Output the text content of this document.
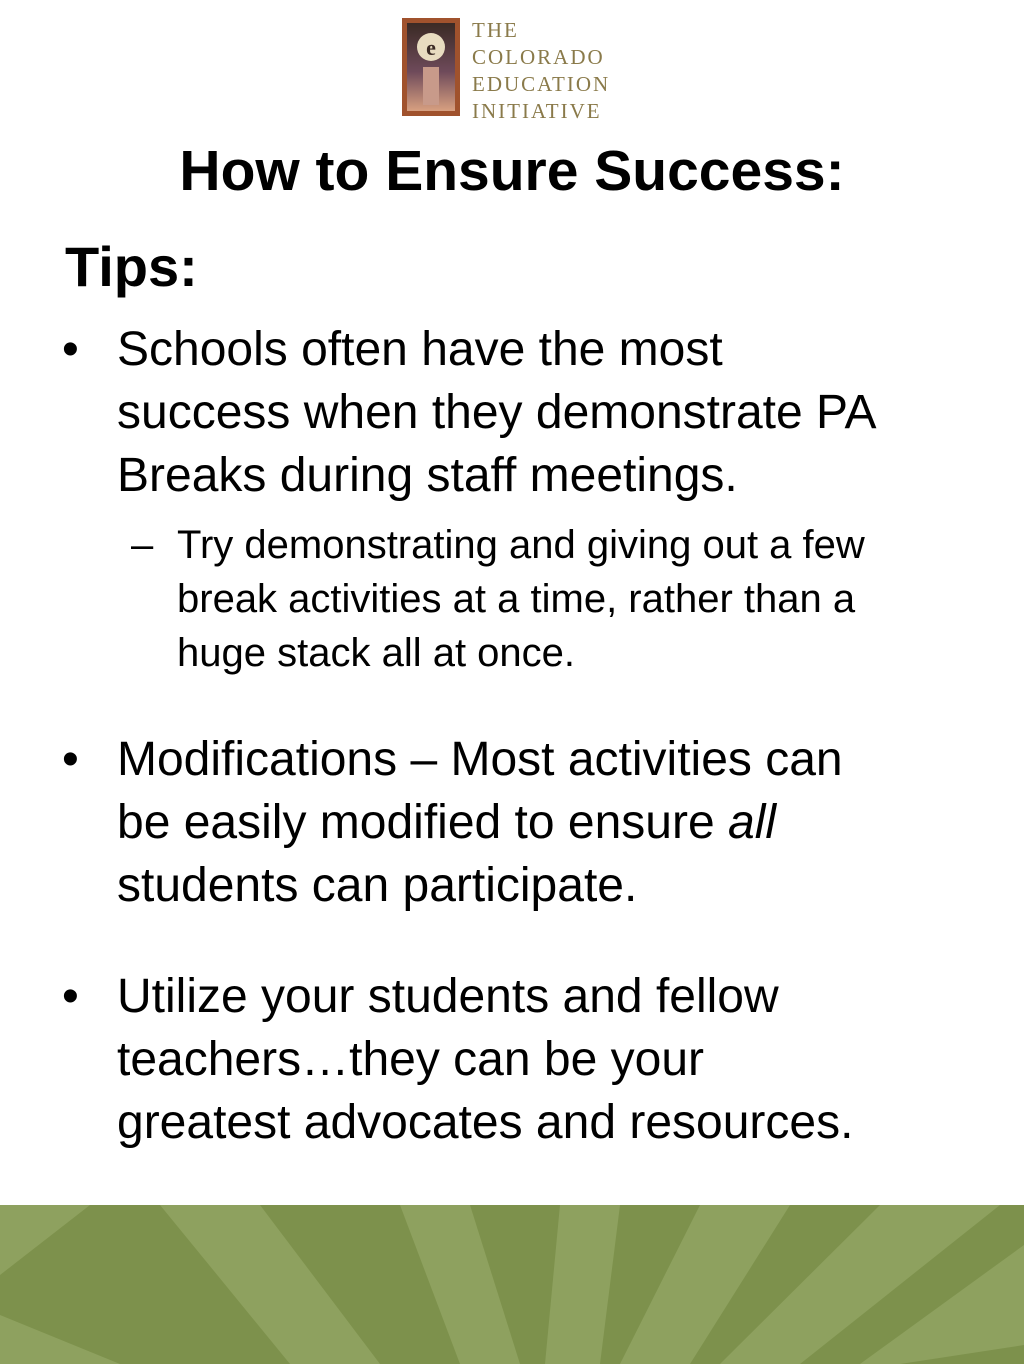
e
THE
COLORADO
EDUCATION
INITIATIVE
How to Ensure Success:
Tips:
• Schools often have the most
success when they demonstrate PA
Breaks during staff meetings.
– Try demonstrating and giving out a few
break activities at a time, rather than a
huge stack all at once.
• Modifications – Most activities can
be easily modified to ensure all
students can participate.
• Utilize your students and fellow
teachers…they can be your
greatest advocates and resources.
